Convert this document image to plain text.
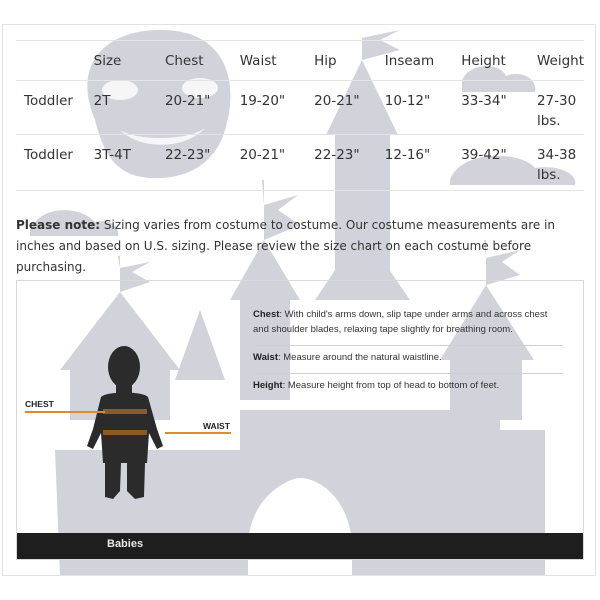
	Size	Chest	Waist	Hip	Inseam	Height	Weight
Toddler	2T	20-21"	19-20"	20-21"	10-12"	33-34"	27-30 lbs.
Toddler	3T-4T	22-23"	20-21"	22-23"	12-16"	39-42"	34-38 lbs.
Please note: Sizing varies from costume to costume. Our costume measurements are in inches and based on U.S. sizing. Please review the size chart on each costume before purchasing.
CHEST
WAIST
Chest: With child's arms down, slip tape under arms and across chest and shoulder blades, relaxing tape slightly for breathing room.
Waist: Measure around the natural waistline.
Height: Measure height from top of head to bottom of feet.
Babies
